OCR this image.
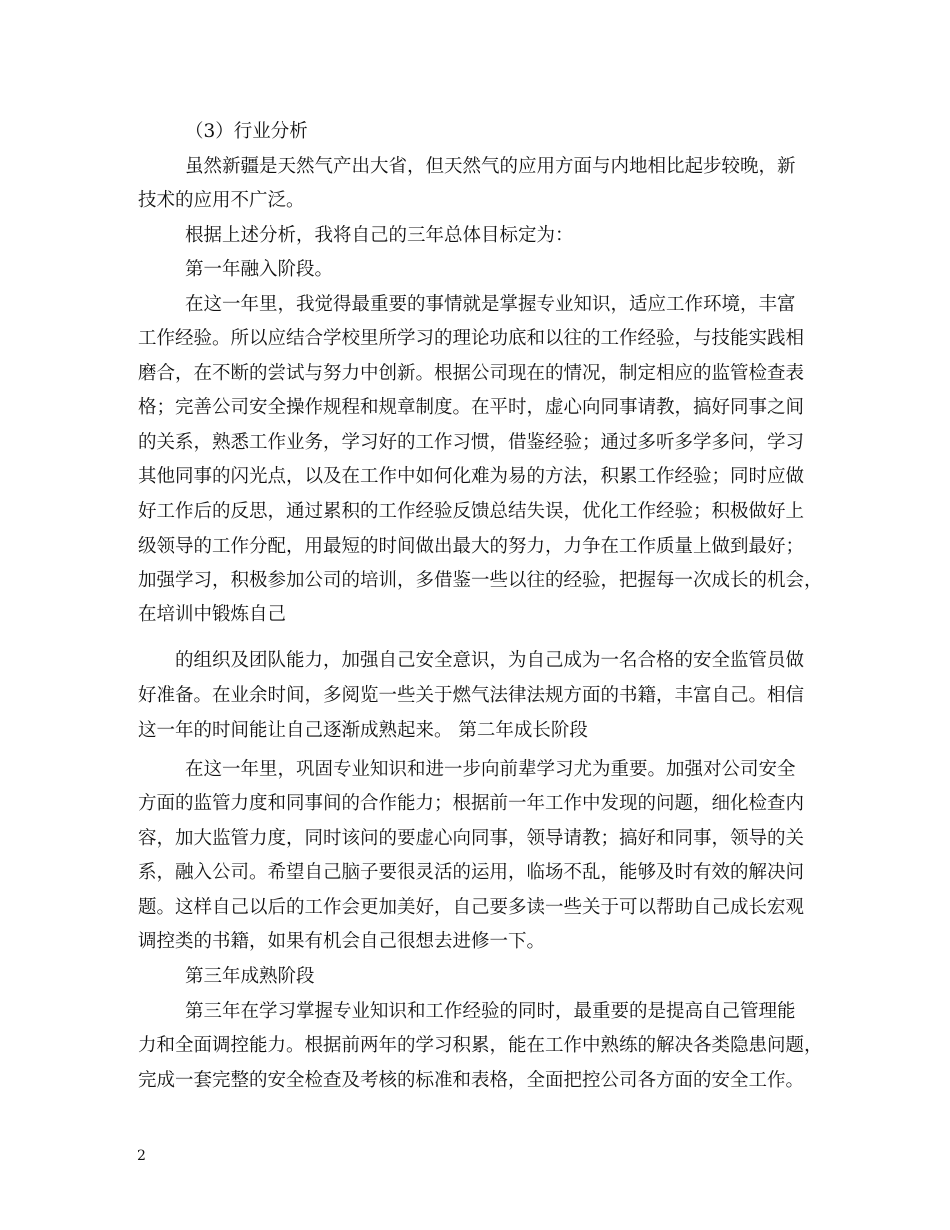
（3）行业分析
虽然新疆是天然气产出大省，但天然气的应用方面与内地相比起步较晚，新
技术的应用不广泛。
根据上述分析，我将自己的三年总体目标定为：
第一年融入阶段。
在这一年里，我觉得最重要的事情就是掌握专业知识，适应工作环境，丰富
工作经验。所以应结合学校里所学习的理论功底和以往的工作经验，与技能实践相
磨合，在不断的尝试与努力中创新。根据公司现在的情况，制定相应的监管检查表
格；完善公司安全操作规程和规章制度。在平时，虚心向同事请教，搞好同事之间
的关系，熟悉工作业务，学习好的工作习惯，借鉴经验；通过多听多学多问，学习
其他同事的闪光点，以及在工作中如何化难为易的方法，积累工作经验；同时应做
好工作后的反思，通过累积的工作经验反馈总结失误，优化工作经验；积极做好上
级领导的工作分配，用最短的时间做出最大的努力，力争在工作质量上做到最好；
加强学习，积极参加公司的培训，多借鉴一些以往的经验，把握每一次成长的机会，
在培训中锻炼自己
的组织及团队能力，加强自己安全意识，为自己成为一名合格的安全监管员做
好准备。在业余时间，多阅览一些关于燃气法律法规方面的书籍，丰富自己。相信
这一年的时间能让自己逐渐成熟起来。 第二年成长阶段
在这一年里，巩固专业知识和进一步向前辈学习尤为重要。加强对公司安全
方面的监管力度和同事间的合作能力；根据前一年工作中发现的问题，细化检查内
容，加大监管力度，同时该问的要虚心向同事，领导请教；搞好和同事，领导的关
系，融入公司。希望自己脑子要很灵活的运用，临场不乱，能够及时有效的解决问
题。这样自己以后的工作会更加美好，自己要多读一些关于可以帮助自己成长宏观
调控类的书籍，如果有机会自己很想去进修一下。
第三年成熟阶段
第三年在学习掌握专业知识和工作经验的同时，最重要的是提高自己管理能
力和全面调控能力。根据前两年的学习积累，能在工作中熟练的解决各类隐患问题，
完成一套完整的安全检查及考核的标准和表格，全面把控公司各方面的安全工作。
2
